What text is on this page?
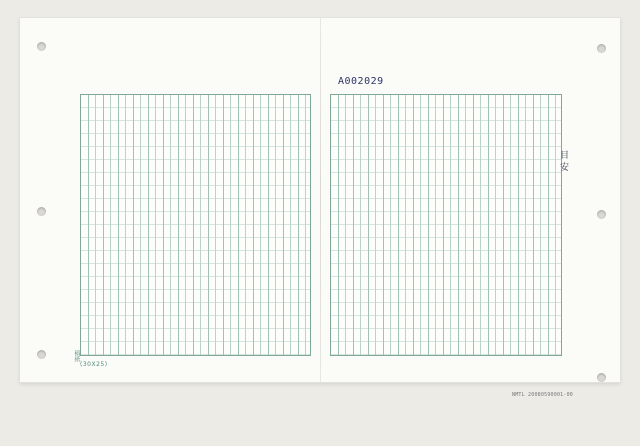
A002029
目 安
稿紙
(30X25)
NMTL 20080590001-00
